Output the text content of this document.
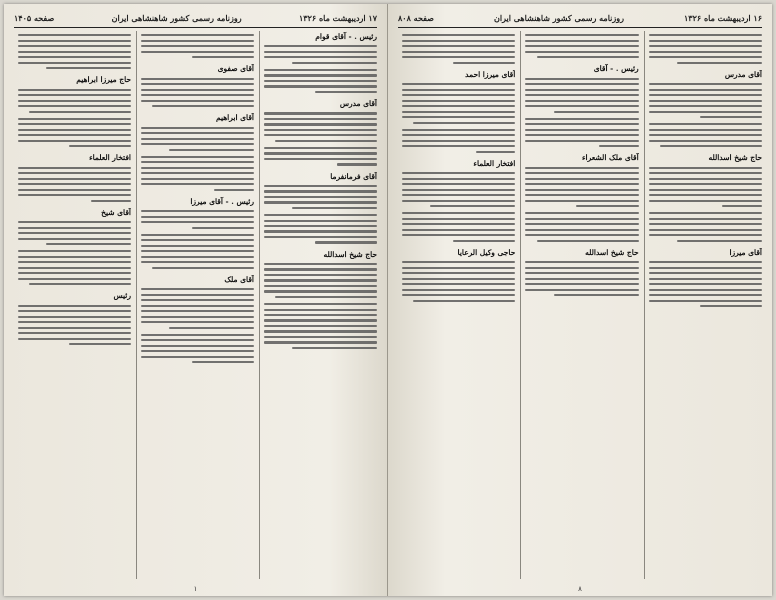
۱۷ اردیبهشت ماه ۱۳۲۶
روزنامه رسمی کشور شاهنشاهی ایران
صفحه ۱۴۰۵
رئیس . - آقای قوام
آقای مدرس
آقای فرمانفرما
حاج شیخ اسدالله
آقای صفوی
آقای ابراهیم
رئیس . - آقای میرزا
آقای ملک
حاج میرزا ابراهیم
افتخار العلماء
آقای شیخ
رئیس
۱
۱۶ اردیبهشت ماه ۱۳۲۶
روزنامه رسمی کشور شاهنشاهی ایران
صفحه ۸۰۸
آقای مدرس
حاج شیخ اسدالله
آقای میرزا
رئیس . - آقای
آقای ملک الشعراء
حاج شیخ اسدالله
آقای میرزا احمد
افتخار العلماء
حاجی وکیل الرعایا
۸
